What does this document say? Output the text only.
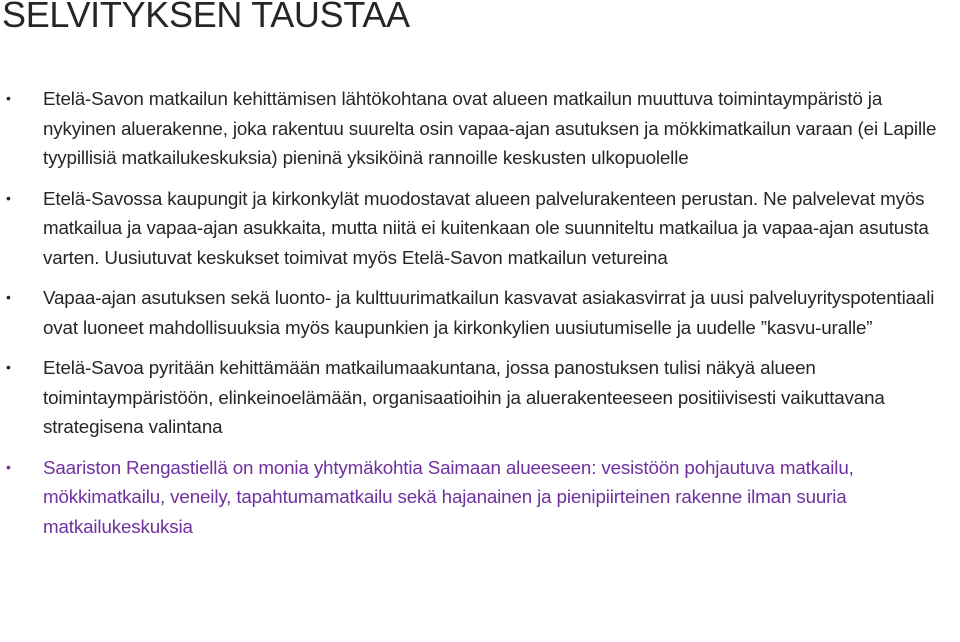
SELVITYKSEN TAUSTAA
• Etelä-Savon matkailun kehittämisen lähtökohtana ovat alueen matkailun muuttuva toimintaympäristö ja nykyinen aluerakenne, joka rakentuu suurelta osin vapaa-ajan asutuksen ja mökkimatkailun varaan (ei Lapille tyypillisiä matkailukeskuksia) pieninä yksiköinä rannoille keskusten ulkopuolelle
• Etelä-Savossa kaupungit ja kirkonkylät muodostavat alueen palvelurakenteen perustan. Ne palvelevat myös matkailua ja vapaa-ajan asukkaita, mutta niitä ei kuitenkaan ole suunniteltu matkailua ja vapaa-ajan asutusta varten. Uusiutuvat keskukset toimivat myös Etelä-Savon matkailun vetureina
• Vapaa-ajan asutuksen sekä luonto- ja kulttuurimatkailun kasvavat asiakasvirrat ja uusi palveluyrityspotentiaali ovat luoneet mahdollisuuksia myös kaupunkien ja kirkonkylien uusiutumiselle ja uudelle ”kasvu-uralle”
• Etelä-Savoa pyritään kehittämään matkailumaakuntana, jossa panostuksen tulisi näkyä alueen toimintaympäristöön, elinkeinoelämään, organisaatioihin ja aluerakenteeseen positiivisesti vaikuttavana strategisena valintana
• Saariston Rengastiellä on monia yhtymäkohtia Saimaan alueeseen: vesistöön pohjautuva matkailu, mökkimatkailu, veneily, tapahtumamatkailu sekä hajanainen ja pienipiirteinen rakenne ilman suuria matkailukeskuksia
